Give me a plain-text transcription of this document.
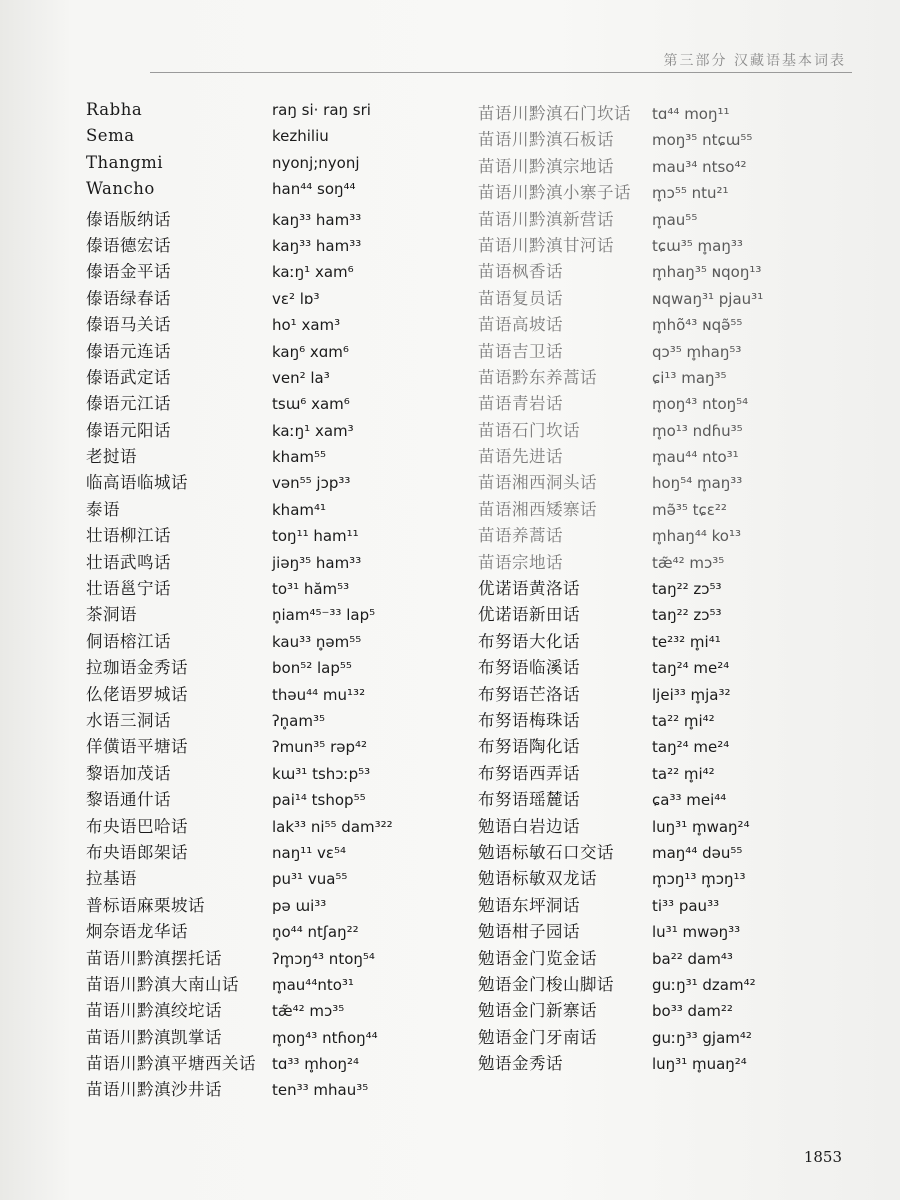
第三部分 汉藏语基本词表
Rabha	raŋ si· raŋ sri
Sema	kezhiliu
Thangmi	nyonj;nyonj
Wancho	han⁴⁴ soŋ⁴⁴
傣语版纳话	kaŋ³³ ham³³
傣语德宏话	kaŋ³³ ham³³
傣语金平话	kaːŋ¹ xam⁶
傣语绿春话	vɛ² lɒ³
傣语马关话	ho¹ xam³
傣语元连话	kaŋ⁶ xɑm⁶
傣语武定话	ven² la³
傣语元江话	tsɯ⁶ xam⁶
傣语元阳话	kaːŋ¹ xam³
老挝语	kham⁵⁵
临高语临城话	vən⁵⁵ jɔp³³
泰语	kham⁴¹
壮语柳江话	toŋ¹¹ ham¹¹
壮语武鸣话	jiəŋ³⁵ ham³³
壮语邕宁话	to³¹ hăm⁵³
茶洞语	n̥iam⁴⁵⁻³³ lap⁵
侗语榕江话	kau³³ n̥əm⁵⁵
拉珈语金秀话	bon⁵² lap⁵⁵
仫佬语罗城话	thəu⁴⁴ mu¹³²
水语三洞话	ʔn̥am³⁵
佯僙语平塘话	ʔmun³⁵ rəp⁴²
黎语加茂话	kɯ³¹ tshɔːp⁵³
黎语通什话	pai¹⁴ tshop⁵⁵
布央语巴哈话	lak³³ ni⁵⁵ dam³²²
布央语郎架话	naŋ¹¹ vɛ⁵⁴
拉基语	pu³¹ vua⁵⁵
普标语麻栗坡话	pə ɯi³³
炯奈语龙华话	n̥o⁴⁴ ntʃaŋ²²
苗语川黔滇摆托话	ʔm̥ɔŋ⁴³ ntoŋ⁵⁴
苗语川黔滇大南山话	m̥au⁴⁴nto³¹
苗语川黔滇绞坨话	tæ̃⁴² mɔ³⁵
苗语川黔滇凯掌话	m̥oŋ⁴³ ntɦoŋ⁴⁴
苗语川黔滇平塘西关话	tɑ³³ m̥hoŋ²⁴
苗语川黔滇沙井话	ten³³ mhau³⁵
苗语川黔滇石门坎话	tɑ⁴⁴ moŋ¹¹
苗语川黔滇石板话	moŋ³⁵ ntɕɯ⁵⁵
苗语川黔滇宗地话	mau³⁴ ntso⁴²
苗语川黔滇小寨子话	m̥ɔ⁵⁵ ntu²¹
苗语川黔滇新营话	m̥au⁵⁵
苗语川黔滇甘河话	tɕɯ³⁵ m̥aŋ³³
苗语枫香话	m̥haŋ³⁵ ɴqoŋ¹³
苗语复员话	ɴqwaŋ³¹ pjau³¹
苗语高坡话	m̥hõ⁴³ ɴqə̃⁵⁵
苗语吉卫话	qɔ³⁵ m̥haŋ⁵³
苗语黔东养蒿话	ɕi¹³ maŋ³⁵
苗语青岩话	m̥oŋ⁴³ ntoŋ⁵⁴
苗语石门坎话	m̥o¹³ ndɦu³⁵
苗语先进话	m̥au⁴⁴ nto³¹
苗语湘西洞头话	hoŋ⁵⁴ m̥aŋ³³
苗语湘西矮寨话	mə̃³⁵ tɕɛ²²
苗语养蒿话	m̥haŋ⁴⁴ ko¹³
苗语宗地话	tæ̃⁴² mɔ³⁵
优诺语黄洛话	taŋ²² zɔ⁵³
优诺语新田话	taŋ²² zɔ⁵³
布努语大化话	te²³² m̥i⁴¹
布努语临溪话	taŋ²⁴ me²⁴
布努语芒洛话	ljei³³ m̥ja³²
布努语梅珠话	ta²² m̥i⁴²
布努语陶化话	taŋ²⁴ me²⁴
布努语西弄话	ta²² m̥i⁴²
布努语瑶麓话	ɕa³³ mei⁴⁴
勉语白岩边话	luŋ³¹ m̥waŋ²⁴
勉语标敏石口交话	maŋ⁴⁴ dəu⁵⁵
勉语标敏双龙话	m̥ɔŋ¹³ m̥ɔŋ¹³
勉语东坪洞话	ti³³ pau³³
勉语柑子园话	lu³¹ mwəŋ³³
勉语金门览金话	ba²² dam⁴³
勉语金门梭山脚话	guːŋ³¹ dzam⁴²
勉语金门新寨话	bo³³ dam²²
勉语金门牙南话	guːŋ³³ gjam⁴²
勉语金秀话	luŋ³¹ m̥uaŋ²⁴
1853
